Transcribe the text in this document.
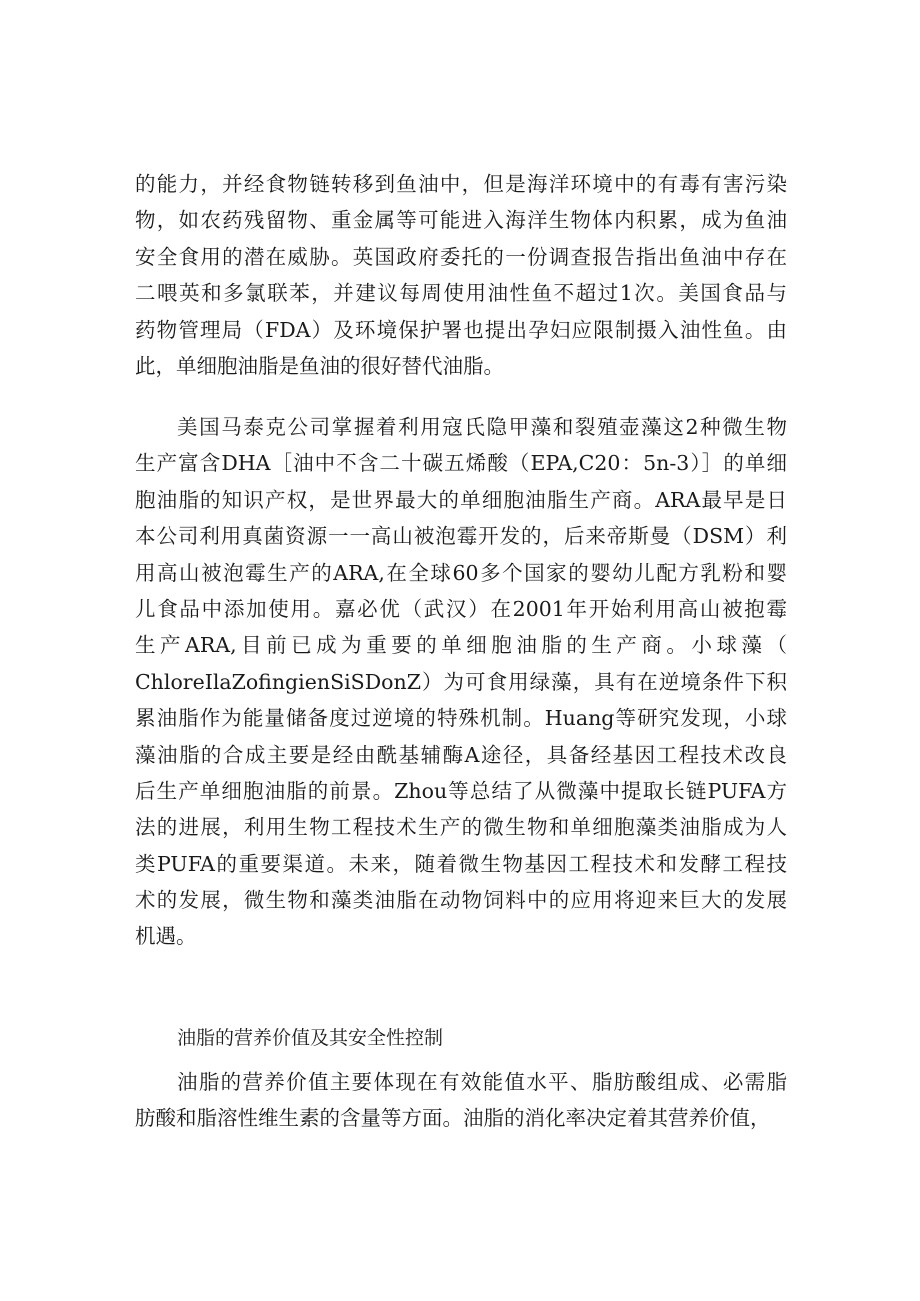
的能力，并经食物链转移到鱼油中，但是海洋环境中的有毒有害污染
物，如农药残留物、重金属等可能进入海洋生物体内积累，成为鱼油
安全食用的潜在威胁。英国政府委托的一份调查报告指出鱼油中存在
二喂英和多氯联苯，并建议每周使用油性鱼不超过1次。美国食品与
药物管理局（FDA）及环境保护署也提出孕妇应限制摄入油性鱼。由
此，单细胞油脂是鱼油的很好替代油脂。
美国马泰克公司掌握着利用寇氏隐甲藻和裂殖壶藻这2种微生物
生产富含DHA［油中不含二十碳五烯酸（EPA,C20：5n-3）］的单细
胞油脂的知识产权，是世界最大的单细胞油脂生产商。ARA最早是日
本公司利用真菌资源一一高山被泡霉开发的，后来帝斯曼（DSM）利
用高山被泡霉生产的ARA,在全球60多个国家的婴幼儿配方乳粉和婴
儿食品中添加使用。嘉必优（武汉）在2001年开始利用高山被抱霉
生产ARA,目前已成为重要的单细胞油脂的生产商。小球藻（
ChloreIlaZofingienSiSDonZ）为可食用绿藻，具有在逆境条件下积
累油脂作为能量储备度过逆境的特殊机制。Huang等研究发现，小球
藻油脂的合成主要是经由酰基辅酶A途径，具备经基因工程技术改良
后生产单细胞油脂的前景。Zhou等总结了从微藻中提取长链PUFA方
法的进展，利用生物工程技术生产的微生物和单细胞藻类油脂成为人
类PUFA的重要渠道。未来，随着微生物基因工程技术和发酵工程技
术的发展，微生物和藻类油脂在动物饲料中的应用将迎来巨大的发展
机遇。
油脂的营养价值及其安全性控制
油脂的营养价值主要体现在有效能值水平、脂肪酸组成、必需脂
肪酸和脂溶性维生素的含量等方面。油脂的消化率决定着其营养价值，
